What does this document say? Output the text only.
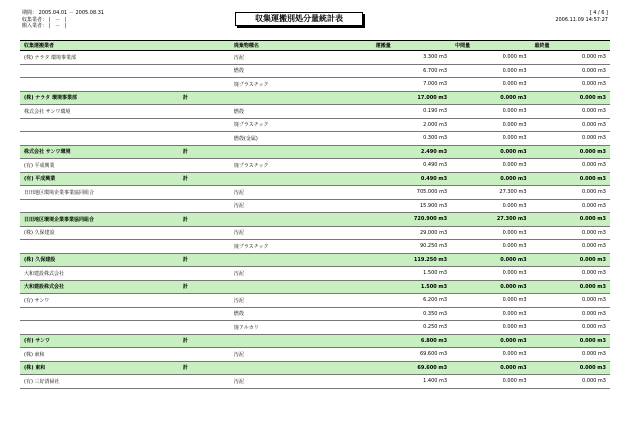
期間： 2005.04.01 － 2005.08.31
収集業者： | － |
搬入業者： | － |
収集運搬別処分量統計表
[ 4 / 6 ]
2006.11.09 14:57:27
収集運搬業者		廃棄物種名	運搬量	中間量	最終量
(株) ナラタ 環境事業部		汚泥	3.300 m3	0.000 m3	0.000 m3
		燃殻	6.700 m3	0.000 m3	0.000 m3
		廃プラスチック	7.000 m3	0.000 m3	0.000 m3
(株) ナラタ 環境事業部	計		17.000 m3	0.000 m3	0.000 m3
株式会社 サンワ環境		燃殻	0.190 m3	0.000 m3	0.000 m3
		廃プラスチック	2.000 m3	0.000 m3	0.000 m3
		燃殻(金属)	0.300 m3	0.000 m3	0.000 m3
株式会社 サンワ環境	計		2.490 m3	0.000 m3	0.000 m3
(有) 平成興業		廃プラスチック	0.490 m3	0.000 m3	0.000 m3
(有) 平成興業	計		0.490 m3	0.000 m3	0.000 m3
日田地区環境企業事業協同組合		汚泥	705.000 m3	27.300 m3	0.000 m3
		汚泥	15.900 m3	0.000 m3	0.000 m3
日田地区環境企業事業協同組合	計		720.900 m3	27.300 m3	0.000 m3
(株) 久保建設		汚泥	29.000 m3	0.000 m3	0.000 m3
		廃プラスチック	90.250 m3	0.000 m3	0.000 m3
(株) 久保建設	計		119.250 m3	0.000 m3	0.000 m3
大和建設株式会社		汚泥	1.500 m3	0.000 m3	0.000 m3
大和建設株式会社	計		1.500 m3	0.000 m3	0.000 m3
(有) サンワ		汚泥	6.200 m3	0.000 m3	0.000 m3
		燃殻	0.350 m3	0.000 m3	0.000 m3
		廃アルカリ	0.250 m3	0.000 m3	0.000 m3
(有) サンワ	計		6.800 m3	0.000 m3	0.000 m3
(株) 東和		汚泥	69.600 m3	0.000 m3	0.000 m3
(株) 東和	計		69.600 m3	0.000 m3	0.000 m3
(有) 三好清掃社		汚泥	1.400 m3	0.000 m3	0.000 m3
